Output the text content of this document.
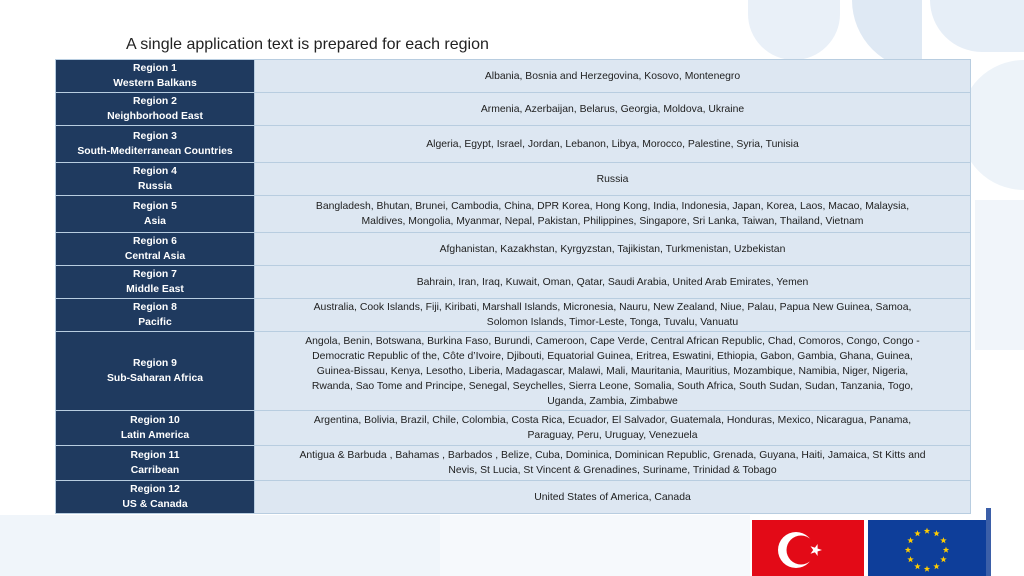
A single application text is prepared for each region
Region 1
Western Balkans	Albania, Bosnia and Herzegovina, Kosovo, Montenegro

Region 2
Neighborhood East	Armenia, Azerbaijan, Belarus, Georgia, Moldova, Ukraine

Region 3
South-Mediterranean Countries	Algeria, Egypt, Israel, Jordan, Lebanon, Libya, Morocco, Palestine, Syria, Tunisia

Region 4
Russia	Russia

Region 5
Asia	Bangladesh, Bhutan, Brunei, Cambodia, China, DPR Korea, Hong Kong, India, Indonesia, Japan, Korea, Laos, Macao, Malaysia,
Maldives, Mongolia, Myanmar, Nepal, Pakistan, Philippines, Singapore, Sri Lanka, Taiwan, Thailand, Vietnam

Region 6
Central Asia	Afghanistan, Kazakhstan, Kyrgyzstan, Tajikistan, Turkmenistan, Uzbekistan

Region 7
Middle East	Bahrain, Iran, Iraq, Kuwait, Oman, Qatar, Saudi Arabia, United Arab Emirates, Yemen

Region 8
Pacific	Australia, Cook Islands, Fiji, Kiribati, Marshall Islands, Micronesia, Nauru, New Zealand, Niue, Palau, Papua New Guinea, Samoa,
Solomon Islands, Timor-Leste, Tonga, Tuvalu, Vanuatu

Region 9
Sub-Saharan Africa	Angola, Benin, Botswana, Burkina Faso, Burundi, Cameroon, Cape Verde, Central African Republic, Chad, Comoros, Congo, Congo -
Democratic Republic of the, Côte d’Ivoire, Djibouti, Equatorial Guinea, Eritrea, Eswatini, Ethiopia, Gabon, Gambia, Ghana, Guinea,
Guinea-Bissau, Kenya, Lesotho, Liberia, Madagascar, Malawi, Mali, Mauritania, Mauritius, Mozambique, Namibia, Niger, Nigeria,
Rwanda, Sao Tome and Principe, Senegal, Seychelles, Sierra Leone, Somalia, South Africa, South Sudan, Sudan, Tanzania, Togo,
Uganda, Zambia, Zimbabwe

Region 10
Latin America	Argentina, Bolivia, Brazil, Chile, Colombia, Costa Rica, Ecuador, El Salvador, Guatemala, Honduras, Mexico, Nicaragua, Panama,
Paraguay, Peru, Uruguay, Venezuela

Region 11
Carribean	Antigua & Barbuda , Bahamas , Barbados , Belize, Cuba, Dominica, Dominican Republic, Grenada, Guyana, Haiti, Jamaica, St Kitts and
Nevis, St Lucia, St Vincent & Grenadines, Suriname, Trinidad & Tobago

Region 12
US & Canada	United States of America, Canada
